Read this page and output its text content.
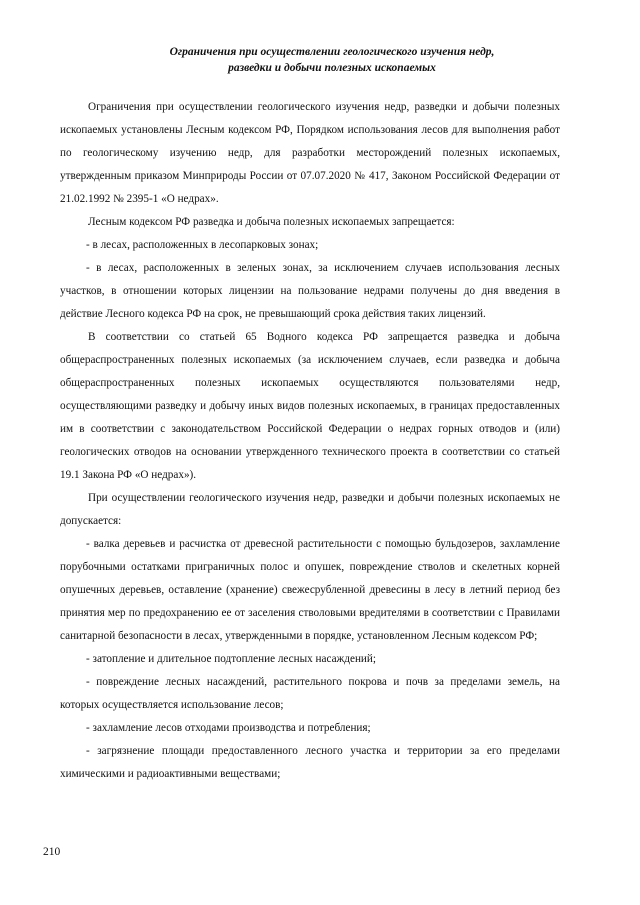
Ограничения при осуществлении геологического изучения недр,
разведки и добычи полезных ископаемых

Ограничения при осуществлении геологического изучения недр, разведки и добычи полезных ископаемых установлены Лесным кодексом РФ, Порядком использования лесов для выполнения работ по геологическому изучению недр, для разработки месторождений полезных ископаемых, утвержденным приказом Минприроды России от 07.07.2020 № 417, Законом Российской Федерации от 21.02.1992 № 2395-1 «О недрах».

Лесным кодексом РФ разведка и добыча полезных ископаемых запрещается:

- в лесах, расположенных в лесопарковых зонах;

- в лесах, расположенных в зеленых зонах, за исключением случаев использования лесных участков, в отношении которых лицензии на пользование недрами получены до дня введения в действие Лесного кодекса РФ на срок, не превышающий срока действия таких лицензий.

В соответствии со статьей 65 Водного кодекса РФ запрещается разведка и добыча общераспространенных полезных ископаемых (за исключением случаев, если разведка и добыча общераспространенных полезных ископаемых осуществляются пользователями недр, осуществляющими разведку и добычу иных видов полезных ископаемых, в границах предоставленных им в соответствии с законодательством Российской Федерации о недрах горных отводов и (или) геологических отводов на основании утвержденного технического проекта в соответствии со статьей 19.1 Закона РФ «О недрах»).

При осуществлении геологического изучения недр, разведки и добычи полезных ископаемых не допускается:

- валка деревьев и расчистка от древесной растительности с помощью бульдозеров, захламление порубочными остатками приграничных полос и опушек, повреждение стволов и скелетных корней опушечных деревьев, оставление (хранение) свежесрубленной древесины в лесу в летний период без принятия мер по предохранению ее от заселения стволовыми вредителями в соответствии с Правилами санитарной безопасности в лесах, утвержденными в порядке, установленном Лесным кодексом РФ;

- затопление и длительное подтопление лесных насаждений;

- повреждение лесных насаждений, растительного покрова и почв за пределами земель, на которых осуществляется использование лесов;

- захламление лесов отходами производства и потребления;

- загрязнение площади предоставленного лесного участка и территории за его пределами химическими и радиоактивными веществами;

210
